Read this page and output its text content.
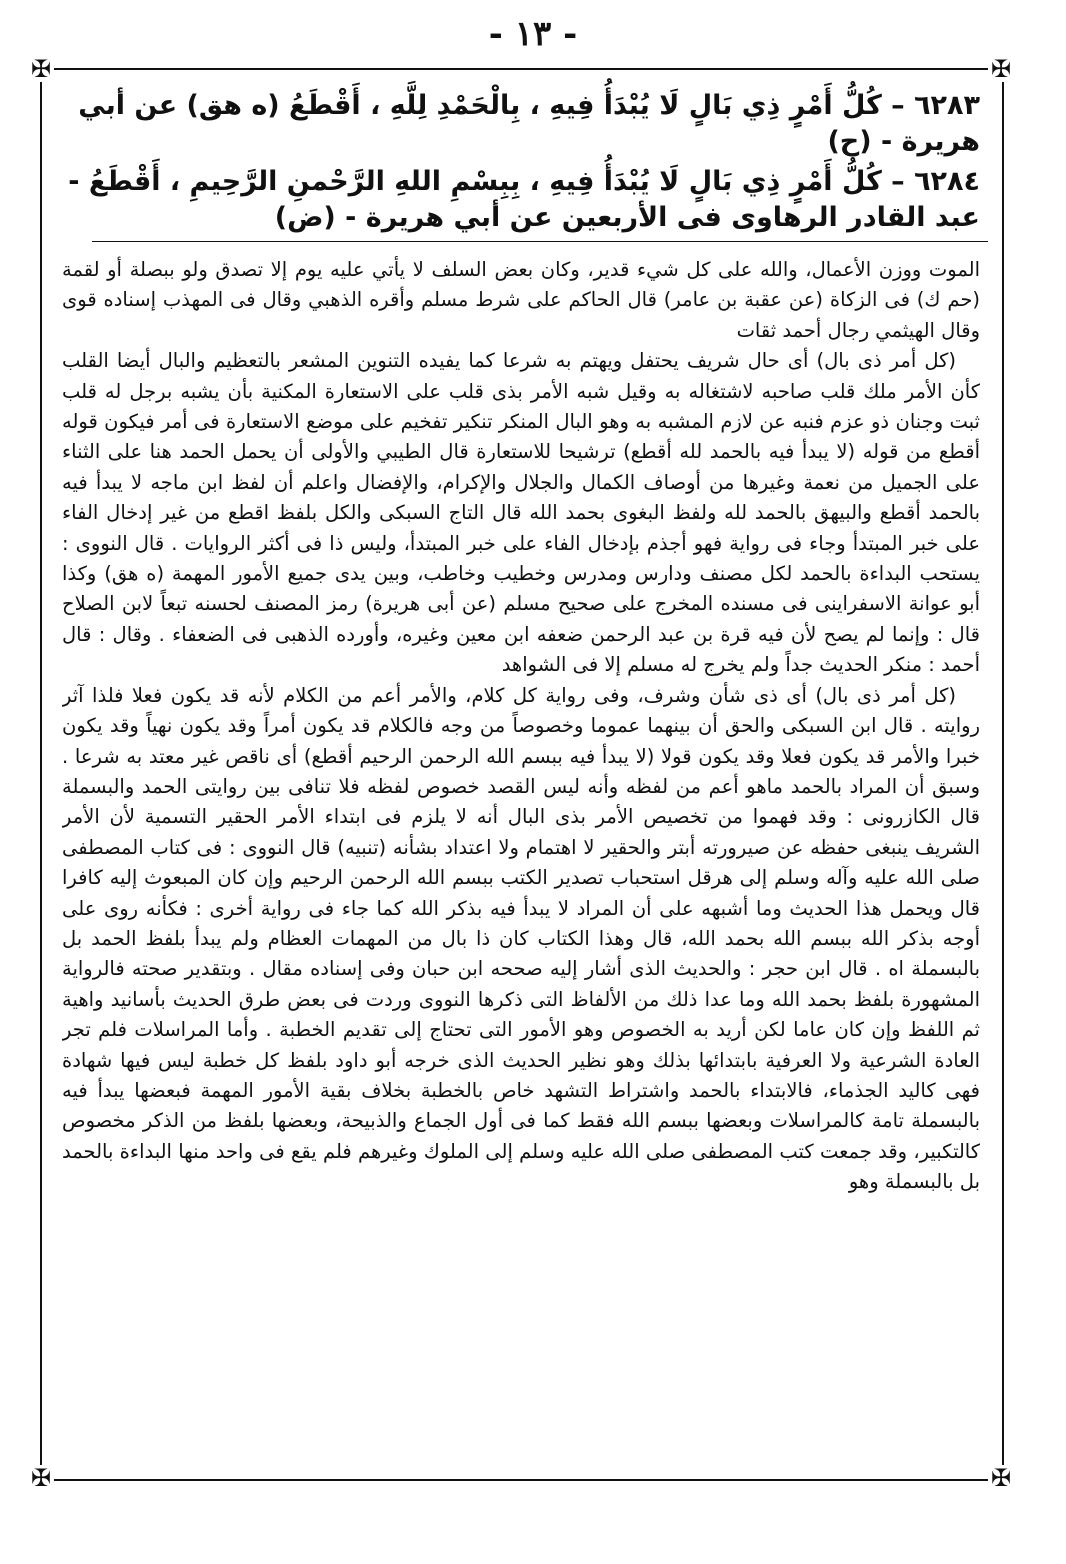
- ١٣ -
✠	✠
✠	✠

٦٢٨٣ – كُلُّ أَمْرٍ ذِي بَالٍ لَا يُبْدَأُ فِيهِ ، بِالْحَمْدِ لِلَّهِ ، أَقْطَعُ (ه هق) عن أبي هريرة - (ح)

٦٢٨٤ – كُلُّ أَمْرٍ ذِي بَالٍ لَا يُبْدَأُ فِيهِ ، بِبِسْمِ اللهِ الرَّحْمنِ الرَّحِيمِ ، أَقْطَعُ - عبد القادر الرهاوى فى الأربعين عن أبي هريرة - (ض)

الموت ووزن الأعمال، والله على كل شيء قدير، وكان بعض السلف لا يأتي عليه يوم إلا تصدق ولو ببصلة أو لقمة (حم ك) فى الزكاة (عن عقبة بن عامر) قال الحاكم على شرط مسلم وأقره الذهبي وقال فى المهذب إسناده قوى وقال الهيثمي رجال أحمد ثقات

(كل أمر ذى بال) أى حال شريف يحتفل ويهتم به شرعا كما يفيده التنوين المشعر بالتعظيم والبال أيضا القلب كأن الأمر ملك قلب صاحبه لاشتغاله به وقيل شبه الأمر بذى قلب على الاستعارة المكنية بأن يشبه برجل له قلب ثبت وجنان ذو عزم فنبه عن لازم المشبه به وهو البال المنكر تنكير تفخيم على موضع الاستعارة فى أمر فيكون قوله أقطع من قوله (لا يبدأ فيه بالحمد لله أقطع) ترشيحا للاستعارة قال الطيبي والأولى أن يحمل الحمد هنا على الثناء على الجميل من نعمة وغيرها من أوصاف الكمال والجلال والإكرام، والإفضال واعلم أن لفظ ابن ماجه لا يبدأ فيه بالحمد أقطع والبيهق بالحمد لله ولفظ البغوى بحمد الله قال التاج السبكى والكل بلفظ اقطع من غير إدخال الفاء على خبر المبتدأ وجاء فى رواية فهو أجذم بإدخال الفاء على خبر المبتدأ، وليس ذا فى أكثر الروايات . قال النووى : يستحب البداءة بالحمد لكل مصنف ودارس ومدرس وخطيب وخاطب، وبين يدى جميع الأمور المهمة (ه هق) وكذا أبو عوانة الاسفراينى فى مسنده المخرج على صحيح مسلم (عن أبى هريرة) رمز المصنف لحسنه تبعاً لابن الصلاح قال : وإنما لم يصح لأن فيه قرة بن عبد الرحمن ضعفه ابن معين وغيره، وأورده الذهبى فى الضعفاء . وقال : قال أحمد : منكر الحديث جداً ولم يخرج له مسلم إلا فى الشواهد

(كل أمر ذى بال) أى ذى شأن وشرف، وفى رواية كل كلام، والأمر أعم من الكلام لأنه قد يكون فعلا فلذا آثر روايته . قال ابن السبكى والحق أن بينهما عموما وخصوصاً من وجه فالكلام قد يكون أمراً وقد يكون نهياً وقد يكون خبرا والأمر قد يكون فعلا وقد يكون قولا (لا يبدأ فيه ببسم الله الرحمن الرحيم أقطع) أى ناقص غير معتد به شرعا . وسبق أن المراد بالحمد ماهو أعم من لفظه وأنه ليس القصد خصوص لفظه فلا تنافى بين روايتى الحمد والبسملة قال الكازرونى : وقد فهموا من تخصيص الأمر بذى البال أنه لا يلزم فى ابتداء الأمر الحقير التسمية لأن الأمر الشريف ينبغى حفظه عن صيرورته أبتر والحقير لا اهتمام ولا اعتداد بشأنه (تنبيه) قال النووى : فى كتاب المصطفى صلى الله عليه وآله وسلم إلى هرقل استحباب تصدير الكتب ببسم الله الرحمن الرحيم وإن كان المبعوث إليه كافرا قال ويحمل هذا الحديث وما أشبهه على أن المراد لا يبدأ فيه بذكر الله كما جاء فى رواية أخرى : فكأنه روى على أوجه بذكر الله ببسم الله بحمد الله، قال وهذا الكتاب كان ذا بال من المهمات العظام ولم يبدأ بلفظ الحمد بل بالبسملة اه . قال ابن حجر : والحديث الذى أشار إليه صححه ابن حبان وفى إسناده مقال . وبتقدير صحته فالرواية المشهورة بلفظ بحمد الله وما عدا ذلك من الألفاظ التى ذكرها النووى وردت فى بعض طرق الحديث بأسانيد واهية ثم اللفظ وإن كان عاما لكن أريد به الخصوص وهو الأمور التى تحتاج إلى تقديم الخطبة . وأما المراسلات فلم تجر العادة الشرعية ولا العرفية بابتدائها بذلك وهو نظير الحديث الذى خرجه أبو داود بلفظ كل خطبة ليس فيها شهادة فهى كاليد الجذماء، فالابتداء بالحمد واشتراط التشهد خاص بالخطبة بخلاف بقية الأمور المهمة فبعضها يبدأ فيه بالبسملة تامة كالمراسلات وبعضها ببسم الله فقط كما فى أول الجماع والذبيحة، وبعضها بلفظ من الذكر مخصوص كالتكبير، وقد جمعت كتب المصطفى صلى الله عليه وسلم إلى الملوك وغيرهم فلم يقع فى واحد منها البداءة بالحمد بل بالبسملة وهو
